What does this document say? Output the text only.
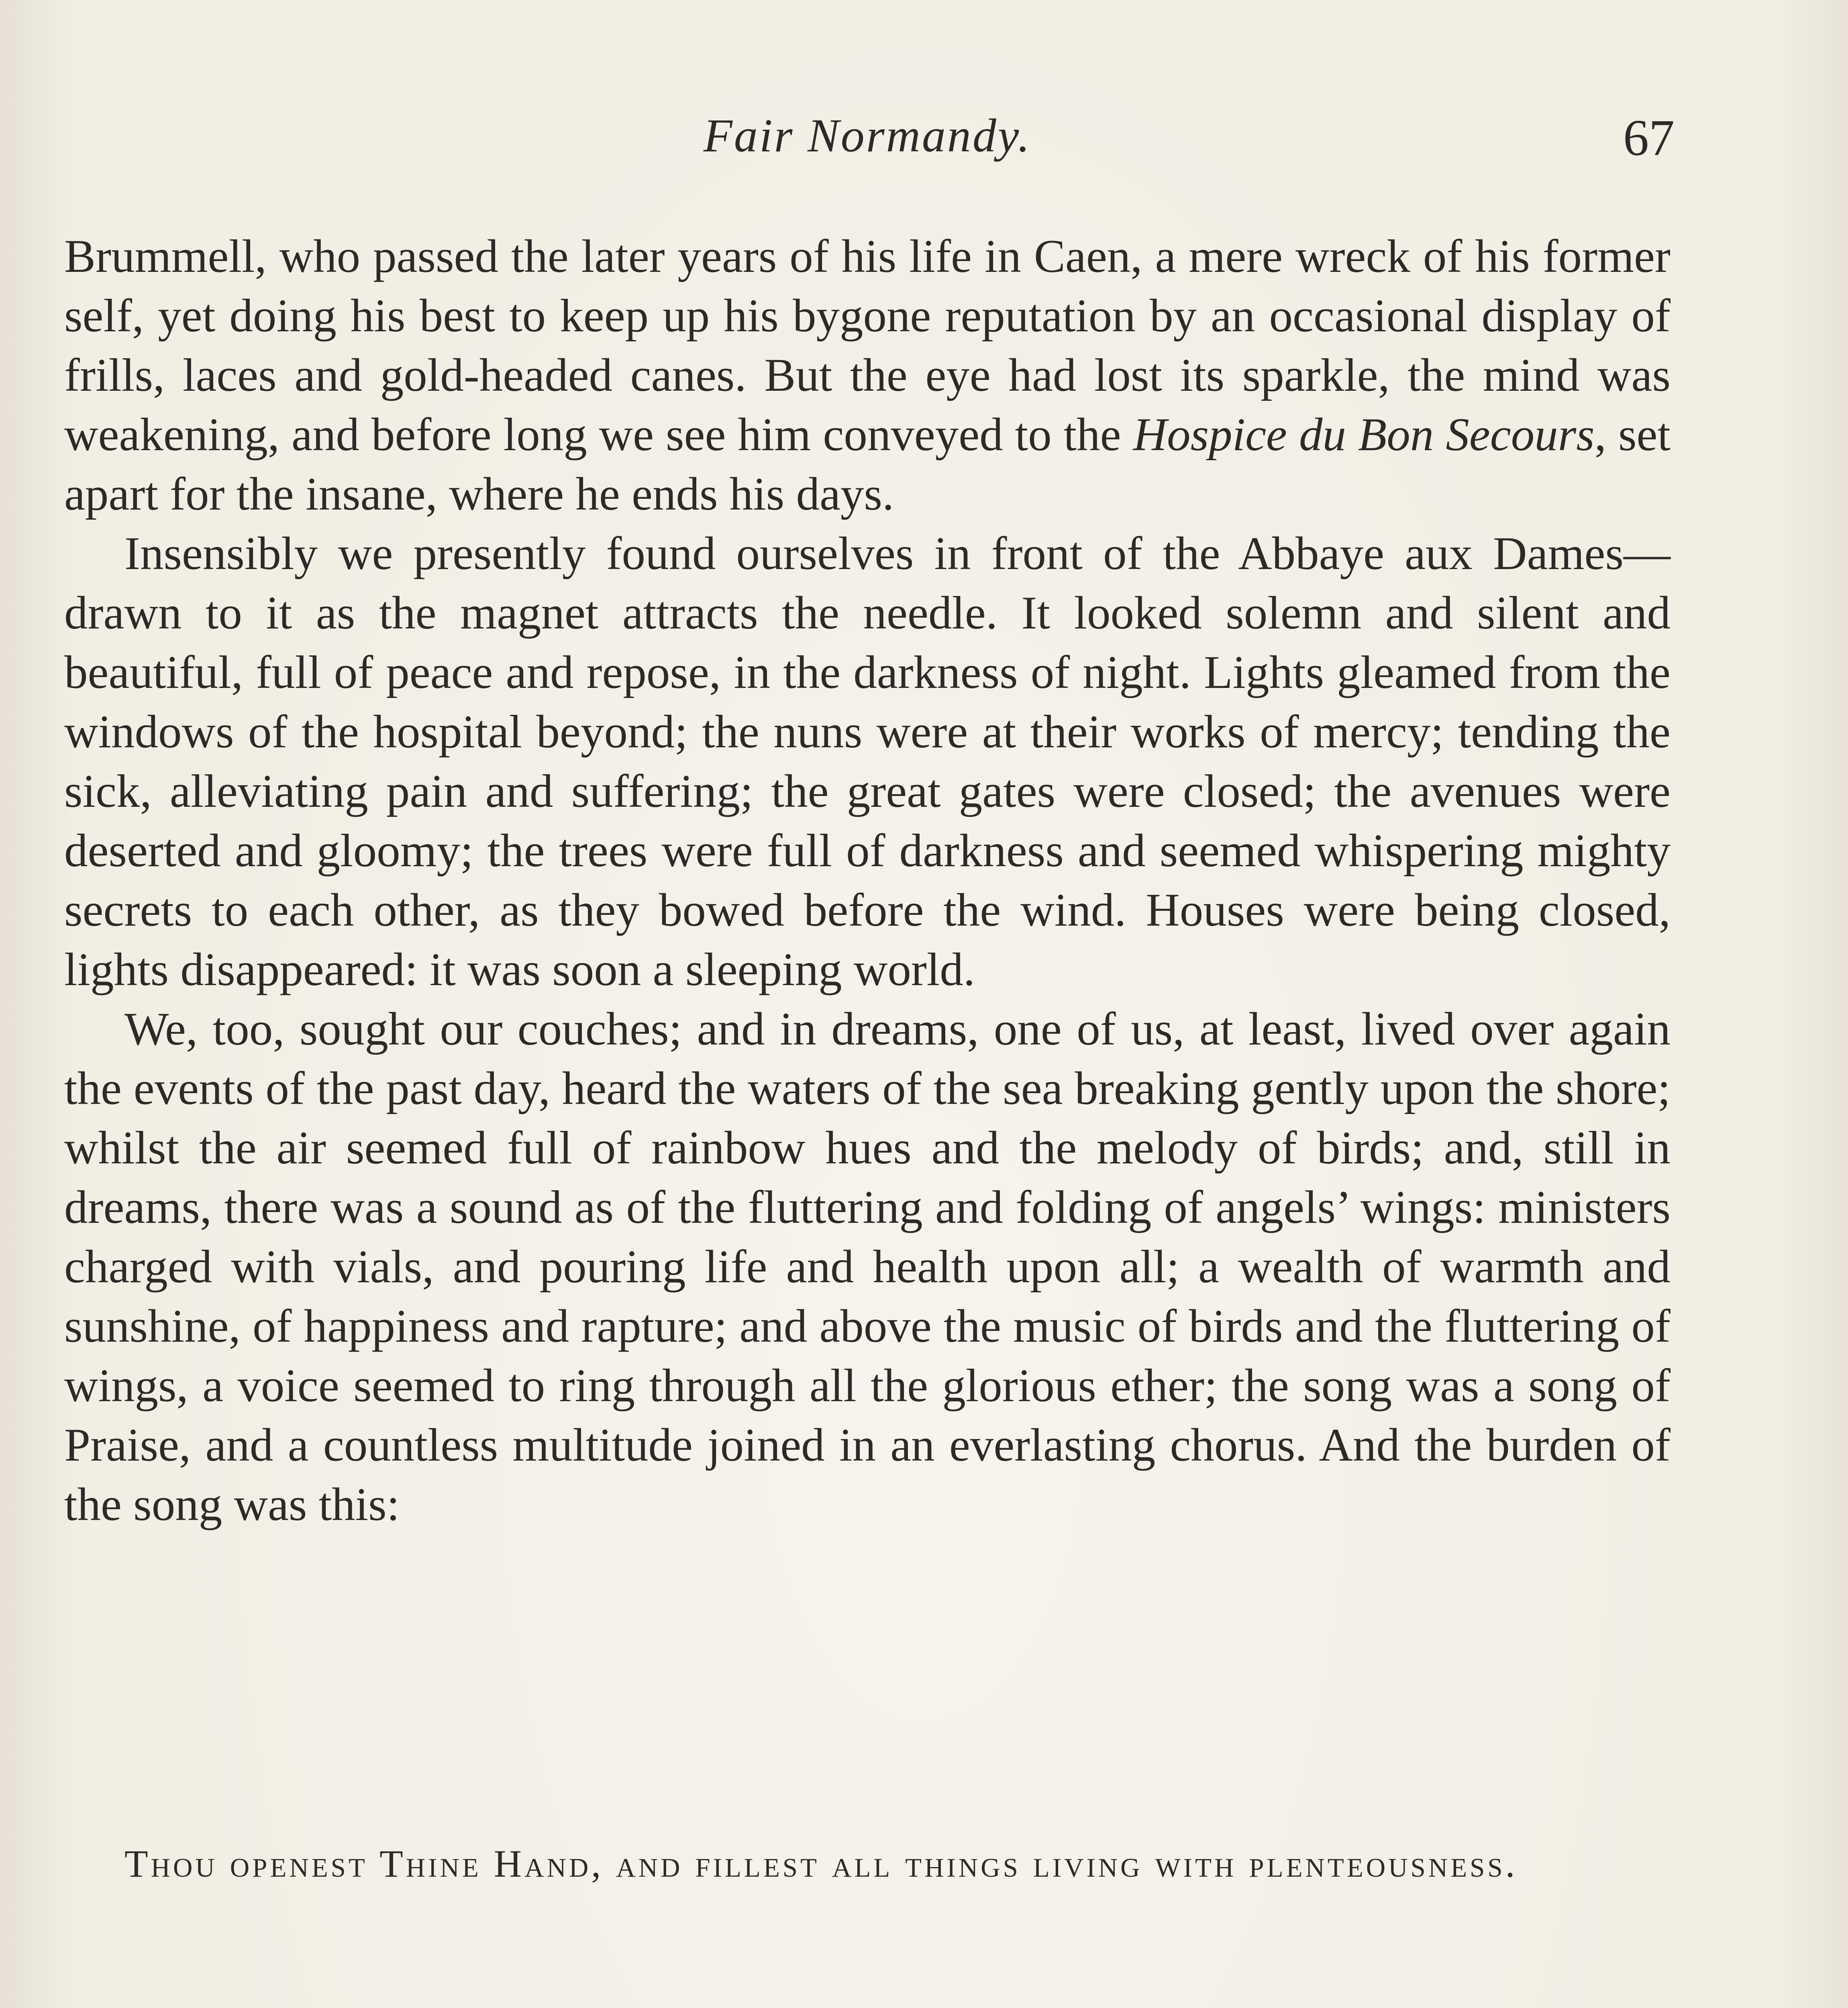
Fair Normandy.	67

Brummell, who passed the later years of his life in Caen, a mere wreck of his former self, yet doing his best to keep up his bygone reputation by an occasional display of frills, laces and gold-headed canes. But the eye had lost its sparkle, the mind was weakening, and before long we see him conveyed to the Hospice du Bon Secours, set apart for the insane, where he ends his days.

Insensibly we presently found ourselves in front of the Abbaye aux Dames—drawn to it as the magnet attracts the needle. It looked solemn and silent and beautiful, full of peace and repose, in the darkness of night. Lights gleamed from the windows of the hospital beyond; the nuns were at their works of mercy; tending the sick, alleviating pain and suffering; the great gates were closed; the avenues were deserted and gloomy; the trees were full of darkness and seemed whispering mighty secrets to each other, as they bowed before the wind. Houses were being closed, lights disappeared: it was soon a sleeping world.

We, too, sought our couches; and in dreams, one of us, at least, lived over again the events of the past day, heard the waters of the sea breaking gently upon the shore; whilst the air seemed full of rainbow hues and the melody of birds; and, still in dreams, there was a sound as of the fluttering and folding of angels’ wings: ministers charged with vials, and pouring life and health upon all; a wealth of warmth and sunshine, of happiness and rapture; and above the music of birds and the fluttering of wings, a voice seemed to ring through all the glorious ether; the song was a song of Praise, and a countless multitude joined in an everlasting chorus. And the burden of the song was this:

Thou openest Thine Hand, and fillest all things living with plenteousness.
